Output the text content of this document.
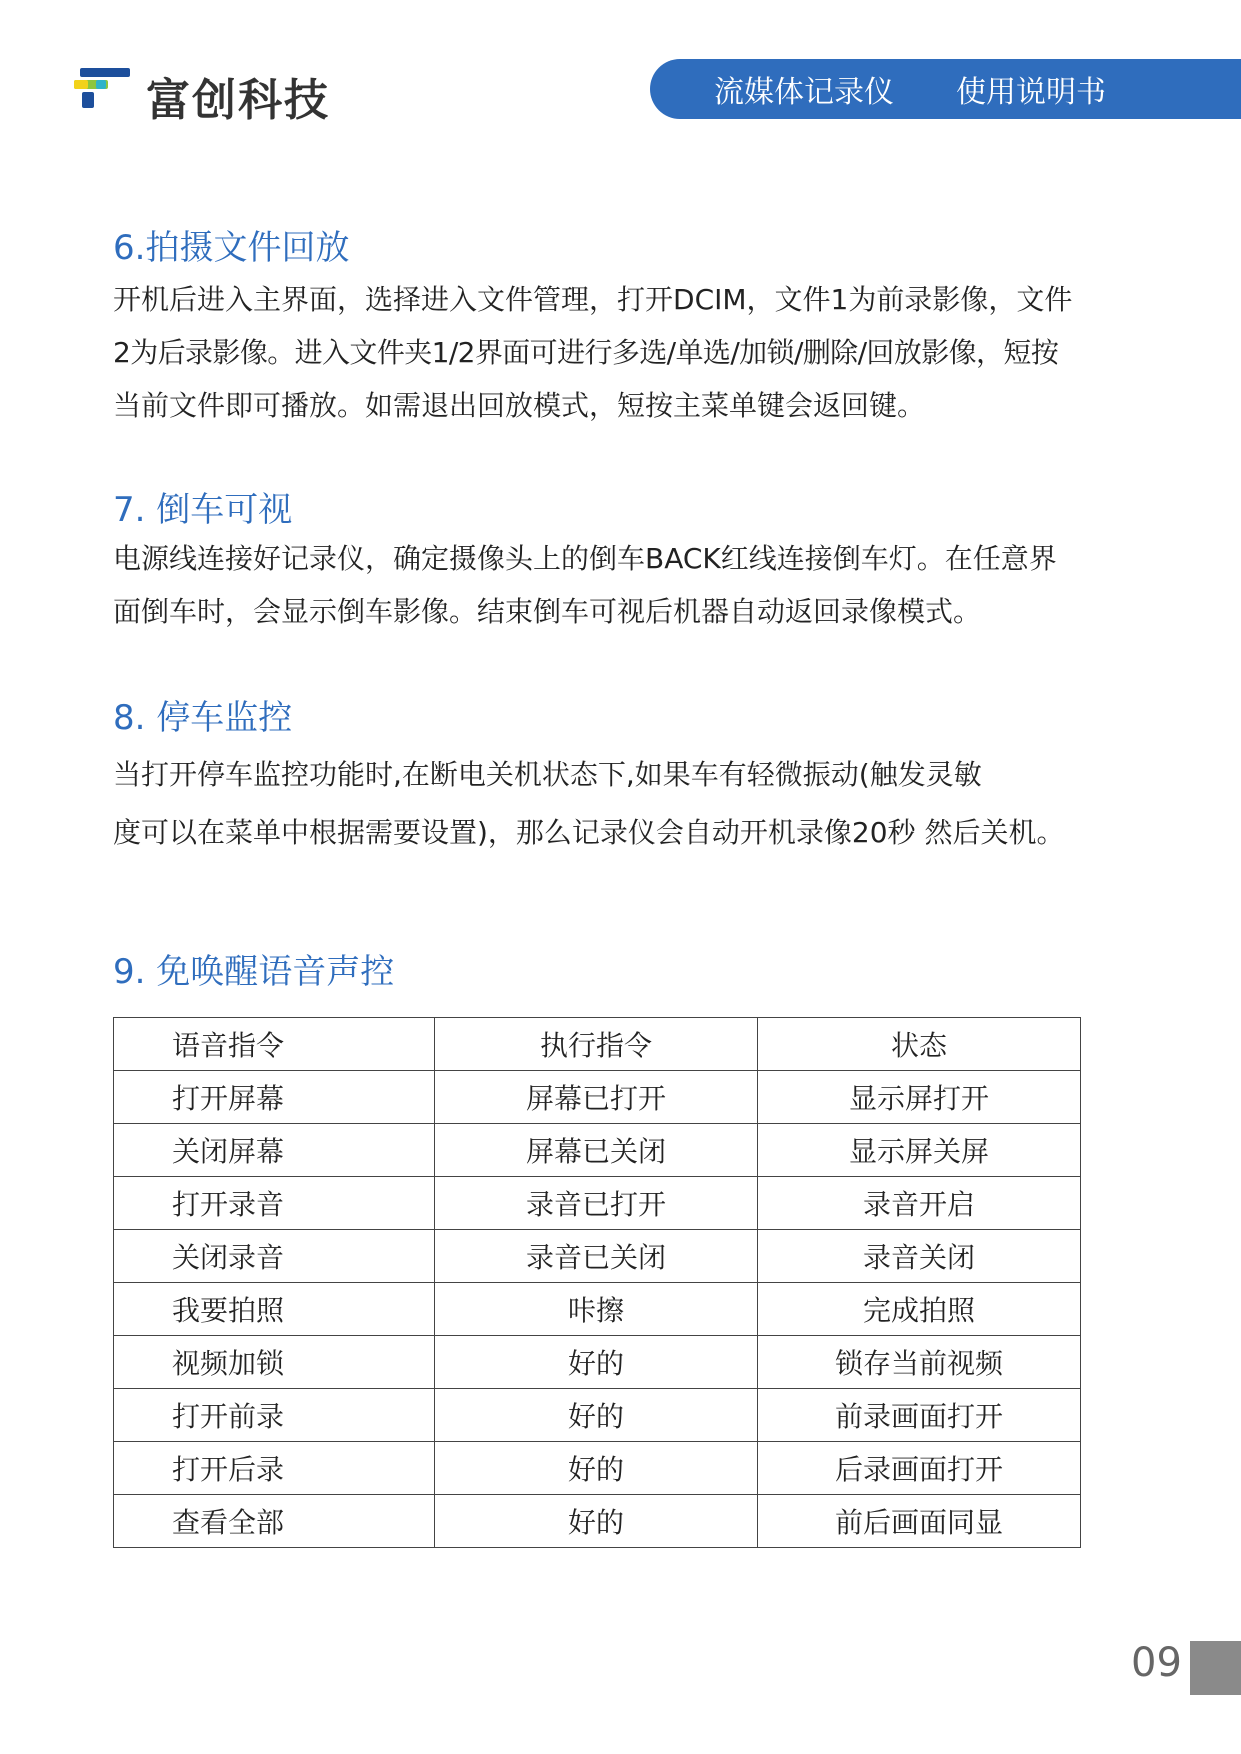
富创科技	流媒体记录仪 使用说明书
6.拍摄文件回放

开机后进入主界面，选择进入文件管理，打开DCIM，文件1为前录影像，文件
2为后录影像。进入文件夹1/2界面可进行多选/单选/加锁/删除/回放影像，短按
当前文件即可播放。如需退出回放模式，短按主菜单键会返回键。

7. 倒车可视

电源线连接好记录仪，确定摄像头上的倒车BACK红线连接倒车灯。在任意界
面倒车时，会显示倒车影像。结束倒车可视后机器自动返回录像模式。

8. 停车监控

当打开停车监控功能时,在断电关机状态下,如果车有轻微振动(触发灵敏
度可以在菜单中根据需要设置)，那么记录仪会自动开机录像20秒 然后关机。

9. 免唤醒语音声控
语音指令	执行指令	状态
打开屏幕	屏幕已打开	显示屏打开
关闭屏幕	屏幕已关闭	显示屏关屏
打开录音	录音已打开	录音开启
关闭录音	录音已关闭	录音关闭
我要拍照	咔擦	完成拍照
视频加锁	好的	锁存当前视频
打开前录	好的	前录画面打开
打开后录	好的	后录画面打开
查看全部	好的	前后画面同显
09
